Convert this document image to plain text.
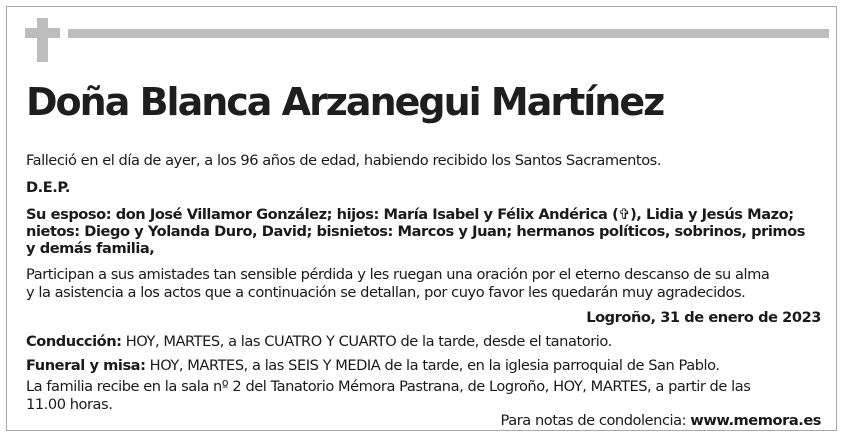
Doña Blanca Arzanegui Martínez
Falleció en el día de ayer, a los 96 años de edad, habiendo recibido los Santos Sacramentos.
D.E.P.
Su esposo: don José Villamor González; hijos: María Isabel y Félix Andérica (✞), Lidia y Jesús Mazo;
nietos: Diego y Yolanda Duro, David; bisnietos: Marcos y Juan; hermanos políticos, sobrinos, primos
y demás familia,
Participan a sus amistades tan sensible pérdida y les ruegan una oración por el eterno descanso de su alma
y la asistencia a los actos que a continuación se detallan, por cuyo favor les quedarán muy agradecidos.
Logroño, 31 de enero de 2023
Conducción: HOY, MARTES, a las CUATRO Y CUARTO de la tarde, desde el tanatorio.
Funeral y misa: HOY, MARTES, a las SEIS Y MEDIA de la tarde, en la iglesia parroquial de San Pablo.
La familia recibe en la sala nº 2 del Tanatorio Mémora Pastrana, de Logroño, HOY, MARTES, a partir de las
11.00 horas.
Para notas de condolencia: www.memora.es
